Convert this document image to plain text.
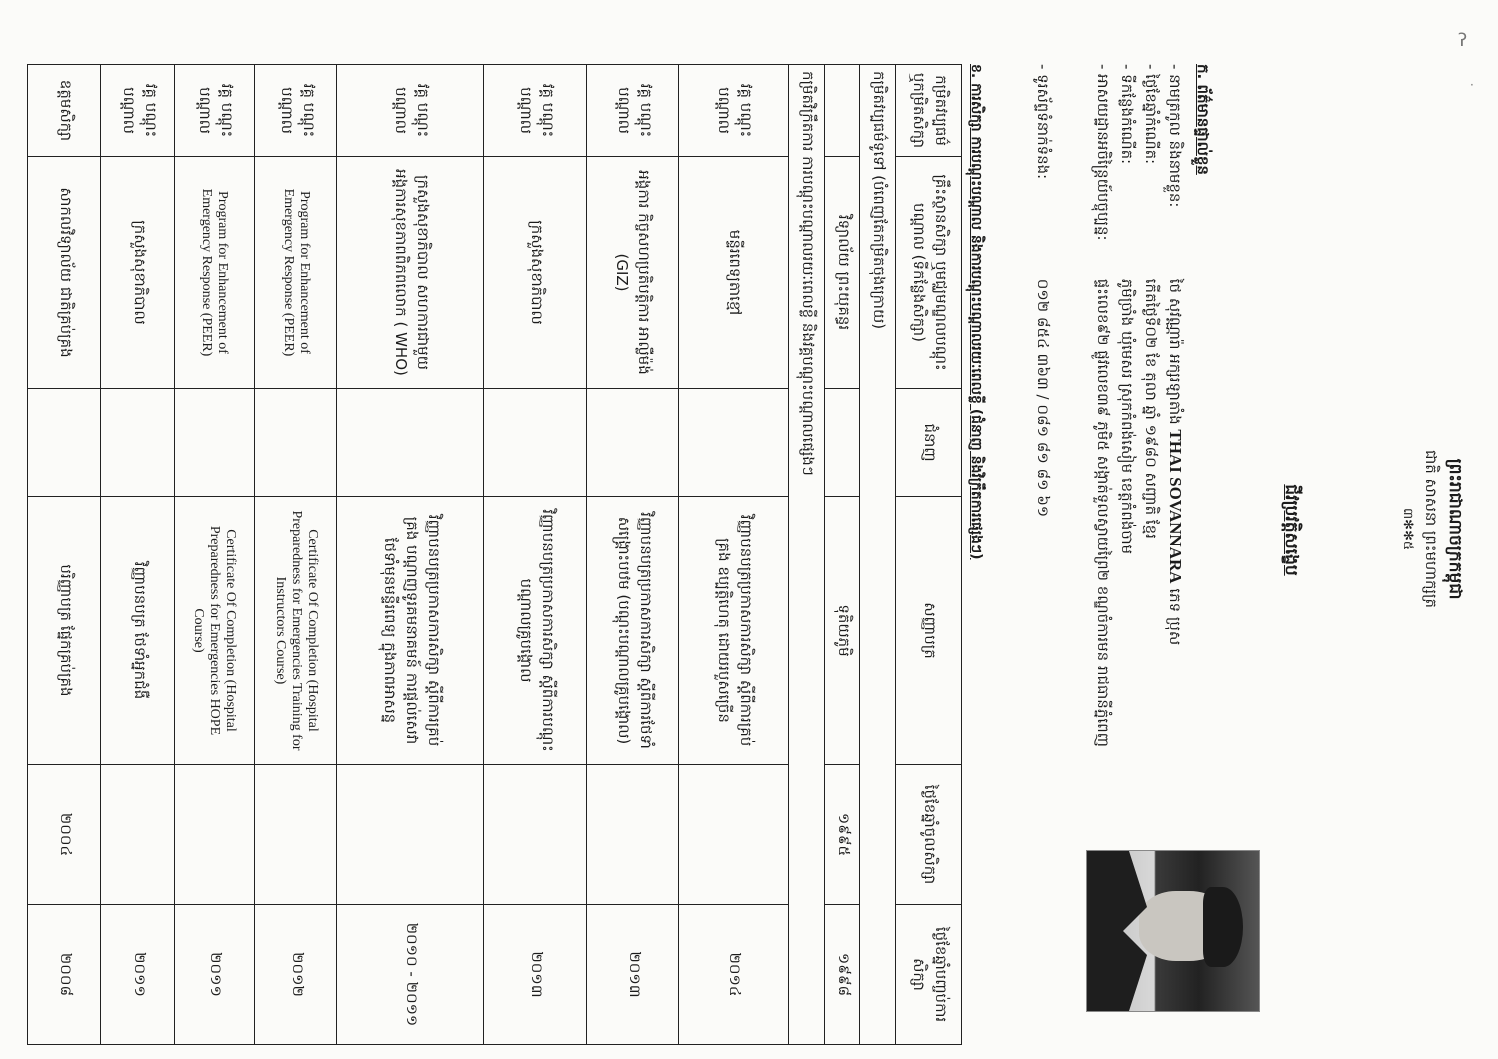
ʔ
·
ព្រះរាជាណាចក្រកម្ពុជា
ជាតិ សាសនា ព្រះមហាក្សត្រ
៣✻✻៥
ជីវប្រវត្តិសង្ខេប
ក. ព័ត៌មានផ្ទាល់ខ្លួន
- នាមត្រកូល និងនាមខ្លួន: ថៃ សុវណ្ណារ៉ា អក្សរឡាតាំង THAI SOVANNARA ភេទ ប្រុស
- ថ្ងៃខែឆ្នាំកំណើត: កើតថ្ងៃទី០២ ខែ តុលា ឆ្នាំ ១៩៨០ សញ្ជាតិ ខ្មែរ
- ទីកន្លែងកំណើត: ភូមិច្រាំង ឃុំមេសរ ស្រុកកំពង់សៀម ខេត្តកំពង់ចាម
- អាសយដ្ឋានអចិន្ត្រៃយ៍បច្ចុប្បន្ន: ផ្ទះលេខ៩២ ផ្លូវលេខ៣៩ ភូមិ៥ សង្កាត់ទួលស្វាយព្រៃ២ ខណ្ឌចំការមន រាជធានីភ្នំពេញ
- ទូរស័ព្ទទំនាក់ទំនង: ០១២ ៨៥៤ ៣៦៣ / ០៨១ ៨១ ៨១ ៦១
ខ. ការសិក្សា ការបណ្តុះបណ្តាល និងការបណ្តុះបណ្តាលរយៈពេលខ្លី (ជំនាញ និងវិក្រឹតការផ្សេងៗ)
កម្រិតវប្បធម៌ ឬកម្រិតសិក្សា	គ្រឹះស្ថានសិក្សា ឬមជ្ឈមណ្ឌលបណ្តុះបណ្តាល (ទីកន្លែងសិក្សា)	ជំនាញ	សញ្ញាបត្រ	ថ្ងៃខែឆ្នាំចូលសិក្សា	ថ្ងៃខែឆ្នាំបញ្ចប់ការសិក្សា
កម្រិតវប្បធម៌ទូទៅ (បំពេញតែកម្រិតចុងក្រោយ)					
	វិទ្យាល័យ ព្រះយុគន្ធរ		ទុតិយភូមិ	១៩៩៥	១៩៩៨
កម្រិតវិក្រឹតការ ការបណ្តុះបណ្តាលរយៈពេលខ្លី និងវគ្គបណ្តុះបណ្តាលផ្សេងៗ					
វគ្គ បណ្តុះបណ្តាល	មន្ទីរពេទ្យតាខ្មៅ		វិញ្ញាបនបត្រប្រកាសការសិក្សា ស្តីពីការគ្រប់គ្រង ឧប្បត្តិហេតុ ដោយរបួសច្រើន		២០១៤
វគ្គ បណ្តុះបណ្តាល	អង្គការ កិច្ចសហប្រតិបត្តិការ អាល្លឺម៉ង់ (GIZ)		វិញ្ញាបនបត្រប្រកាសការសិក្សា ស្តីពីការថែទាំសង្គ្រោះបឋម (បណ្តុះបណ្តាលគ្រូបង្គោល)		២០១៣
វគ្គ បណ្តុះបណ្តាល	ក្រសួងសុខាភិបាល		វិញ្ញាបនបត្រប្រកាសការសិក្សា ស្តីពីការបណ្តុះបណ្តាលគ្រូបង្គោល		២០១៣
វគ្គ បណ្តុះបណ្តាល	ក្រសួងសុខាភិបាល សហការជាមួយអង្គការសុខភាពពិភពលោក ( WHO)		វិញ្ញាបនបត្រប្រកាសការសិក្សា ស្តីពីការគ្រប់គ្រង បណ្តាញទូរគមនាគមន៍ ការផ្តល់សេវាថែទាំមុនមន្ទីរពេទ្យ ក្នុងភាពអាសន្ន		២០១០ - ២០១១
វគ្គ បណ្តុះបណ្តាល	Program for Enhancement of Emergency Response (PEER)		Certificate Of Completion (Hospital Preparedness for Emergencies Training for Instructors Course)		២០១២
វគ្គ បណ្តុះបណ្តាល	Program for Enhancement of Emergency Response (PEER)		Certificate Of Completion (Hospital Preparedness for Emergencies HOPE Course)		២០១១
វគ្គ បណ្តុះបណ្តាល	ក្រសួងសុខាភិបាល		វិញ្ញាបនបត្រ ថែទាំអ្នកជំងឺ		២០១១
ឧត្តមសិក្សា	សាកលវិទ្យាល័យ ជាតិគ្រប់គ្រង		បរិញ្ញាបត្រ ផ្នែកគ្រប់គ្រង	២០០៤	២០០៨
